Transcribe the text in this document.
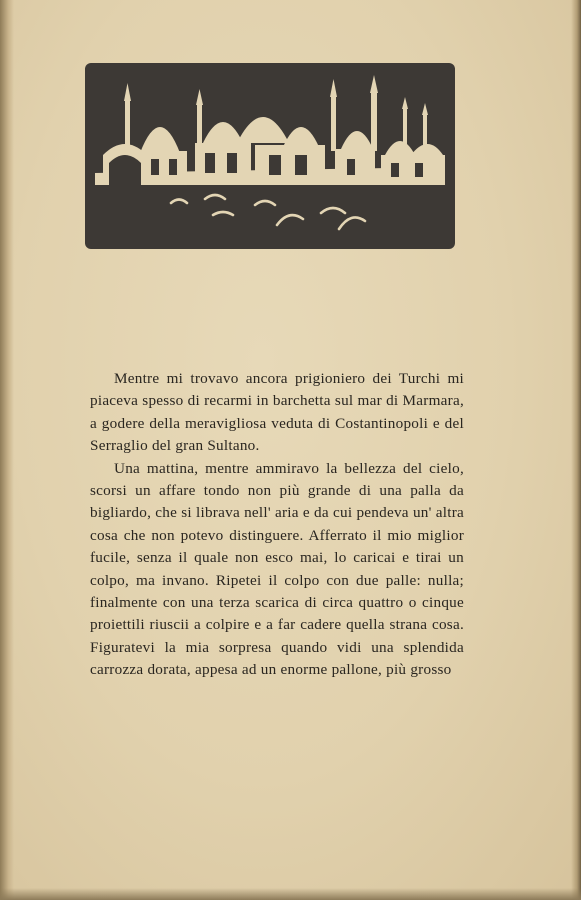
Mentre mi trovavo ancora prigioniero dei Turchi mi piaceva spesso di recarmi in barchetta sul mar di Marmara, a godere della meravigliosa veduta di Costantinopoli e del Serraglio del gran Sultano.

Una mattina, mentre ammiravo la bellezza del cielo, scorsi un affare tondo non più grande di una palla da bigliardo, che si librava nell' aria e da cui pendeva un' altra cosa che non potevo distinguere. Afferrato il mio miglior fucile, senza il quale non esco mai, lo caricai e tirai un colpo, ma invano. Ripetei il colpo con due palle: nulla; finalmente con una terza scarica di circa quattro o cinque proiettili riuscii a colpire e a far cadere quella strana cosa. Figuratevi la mia sorpresa quando vidi una splendida carrozza dorata, appesa ad un enorme pallone, più grosso
